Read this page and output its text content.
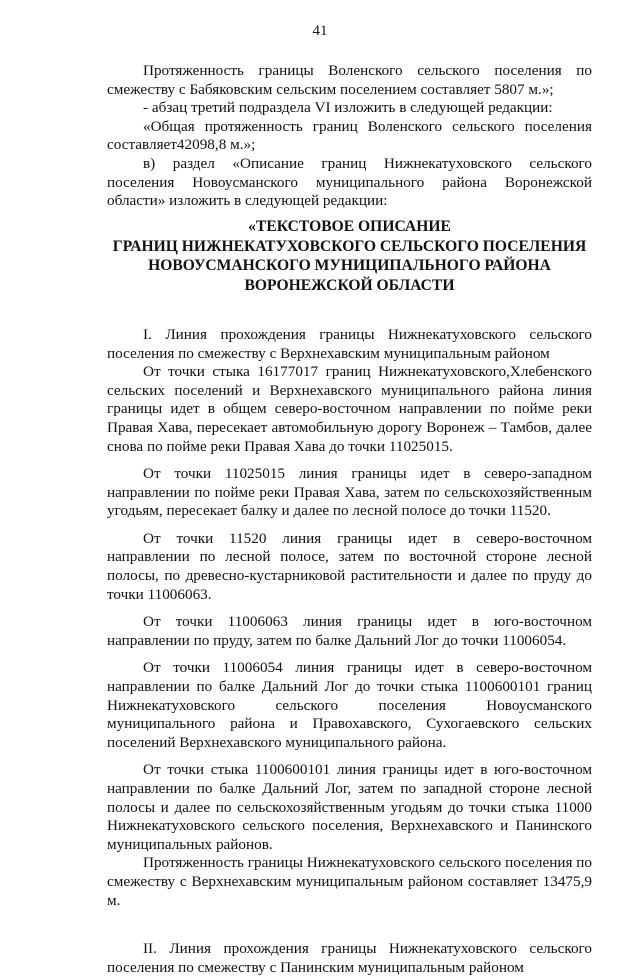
41

Протяженность границы Воленского сельского поселения по смежеству с Бабяковским сельским поселением составляет 5807 м.»;

- абзац третий подраздела VI изложить в следующей редакции:

«Общая протяженность границ Воленского сельского поселения составляет42098,8 м.»;

в) раздел «Описание границ Нижнекатуховского сельского поселения Новоусманского муниципального района Воронежской области» изложить в следующей редакции:

«ТЕКСТОВОЕ ОПИСАНИЕ
ГРАНИЦ НИЖНЕКАТУХОВСКОГО СЕЛЬСКОГО ПОСЕЛЕНИЯ
НОВОУСМАНСКОГО МУНИЦИПАЛЬНОГО РАЙОНА
ВОРОНЕЖСКОЙ ОБЛАСТИ

I. Линия прохождения границы Нижнекатуховского сельского поселения по смежеству с Верхнехавским муниципальным районом

От точки стыка 16177017 границ Нижнекатуховского,Хлебенского сельских поселений и Верхнехавского муниципального района линия границы идет в общем северо-восточном направлении по пойме реки Правая Хава, пересекает автомобильную дорогу Воронеж – Тамбов, далее снова по пойме реки Правая Хава до точки 11025015.

От точки 11025015 линия границы идет в северо-западном направлении по пойме реки Правая Хава, затем по сельскохозяйственным угодьям, пересекает балку и далее по лесной полосе до точки 11520.

От точки 11520 линия границы идет в северо-восточном направлении по лесной полосе, затем по восточной стороне лесной полосы, по древесно-кустарниковой растительности и далее по пруду до точки 11006063.

От точки 11006063 линия границы идет в юго-восточном направлении по пруду, затем по балке Дальний Лог до точки 11006054.

От точки 11006054 линия границы идет в северо-восточном направлении по балке Дальний Лог до точки стыка 1100600101 границ Нижнекатуховского сельского поселения Новоусманского муниципального района и Правохавского, Сухогаевского сельских поселений Верхнехавского муниципального района.

От точки стыка 1100600101 линия границы идет в юго-восточном направлении по балке Дальний Лог, затем по западной стороне лесной полосы и далее по сельскохозяйственным угодьям до точки стыка 11000 Нижнекатуховского сельского поселения, Верхнехавского и Панинского муниципальных районов.

Протяженность границы Нижнекатуховского сельского поселения по смежеству с Верхнехавским муниципальным районом составляет 13475,9 м.

II. Линия прохождения границы Нижнекатуховского сельского поселения по смежеству с Панинским муниципальным районом
